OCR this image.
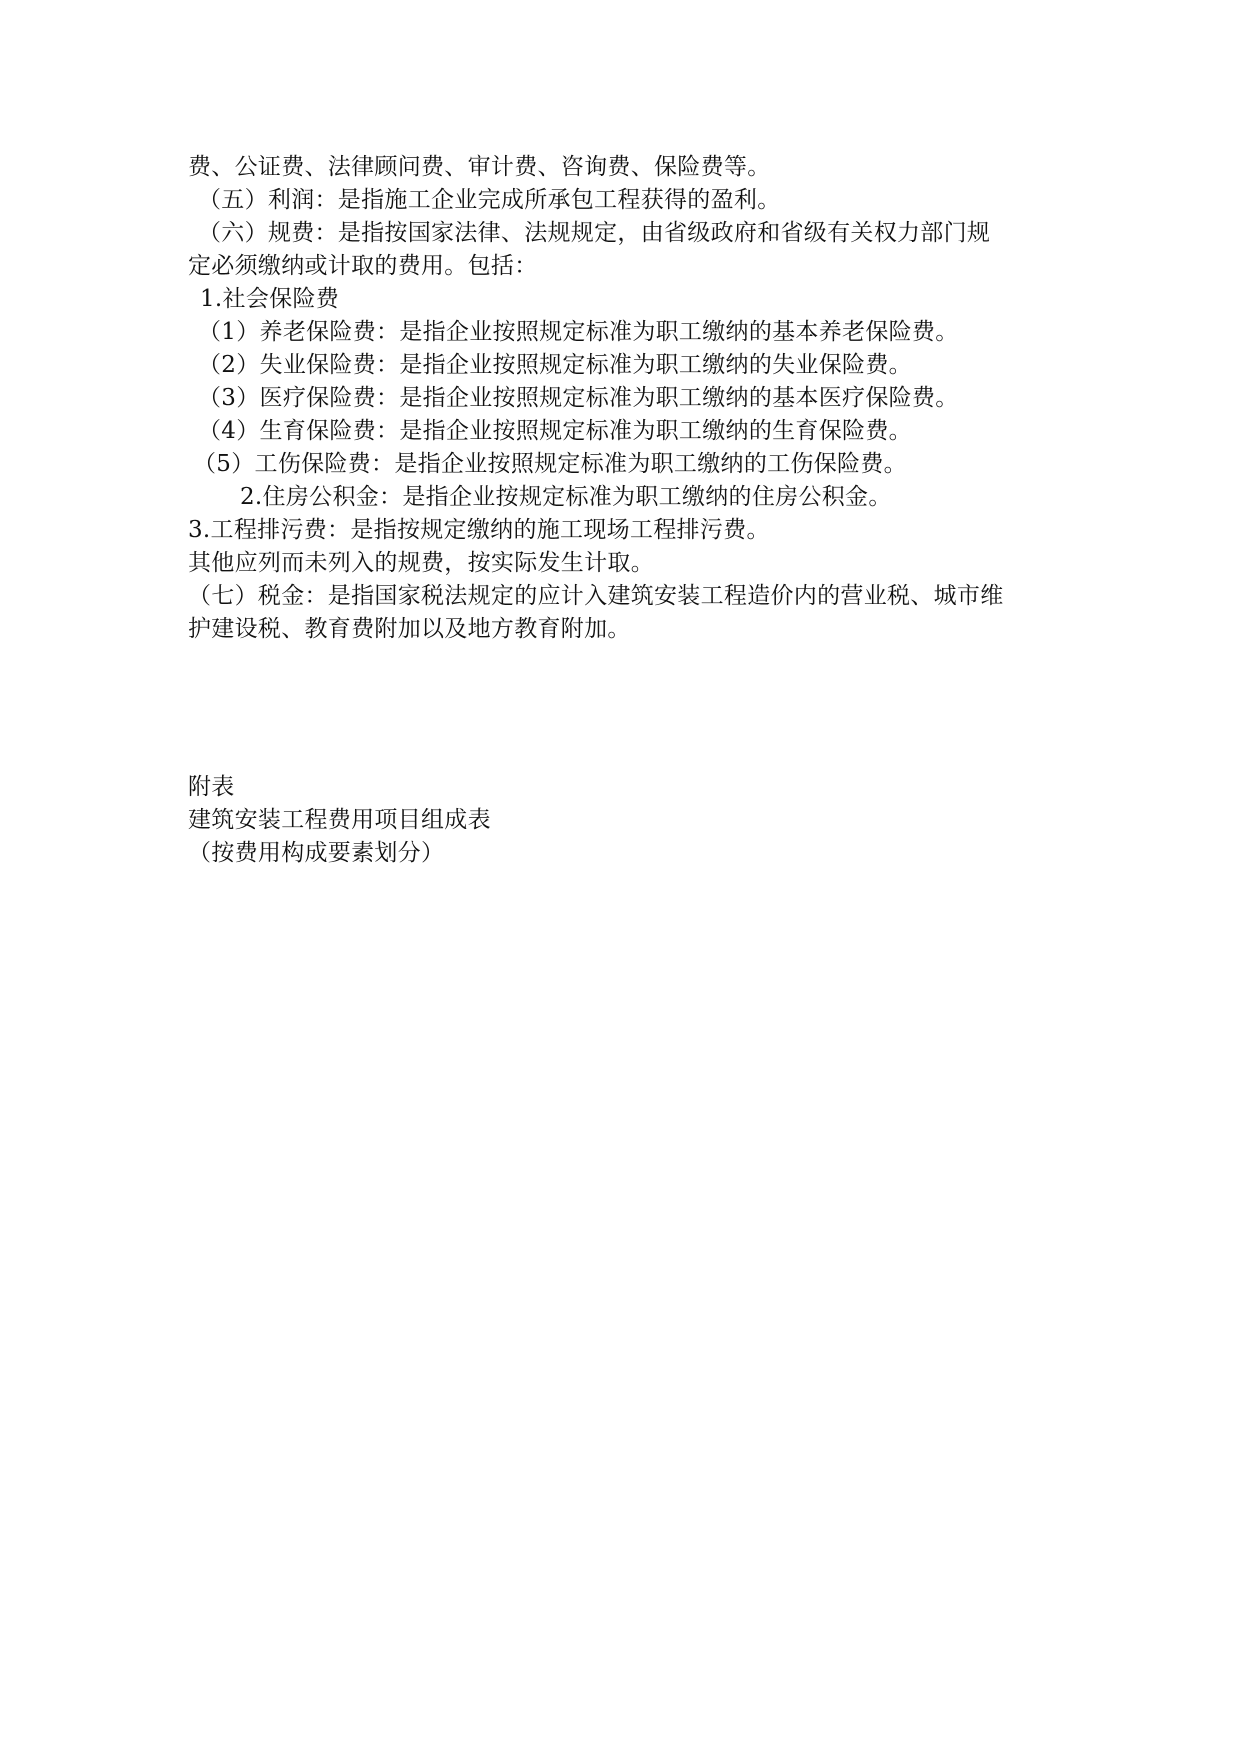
费、公证费、法律顾问费、审计费、咨询费、保险费等。
（五）利润：是指施工企业完成所承包工程获得的盈利。
（六）规费：是指按国家法律、法规规定，由省级政府和省级有关权力部门规
定必须缴纳或计取的费用。包括：
1.社会保险费
（1）养老保险费：是指企业按照规定标准为职工缴纳的基本养老保险费。
（2）失业保险费：是指企业按照规定标准为职工缴纳的失业保险费。
（3）医疗保险费：是指企业按照规定标准为职工缴纳的基本医疗保险费。
（4）生育保险费：是指企业按照规定标准为职工缴纳的生育保险费。
（5）工伤保险费：是指企业按照规定标准为职工缴纳的工伤保险费。
2.住房公积金：是指企业按规定标准为职工缴纳的住房公积金。
3.工程排污费：是指按规定缴纳的施工现场工程排污费。
其他应列而未列入的规费，按实际发生计取。
（七）税金：是指国家税法规定的应计入建筑安装工程造价内的营业税、城市维
护建设税、教育费附加以及地方教育附加。
附表
建筑安装工程费用项目组成表
（按费用构成要素划分）
